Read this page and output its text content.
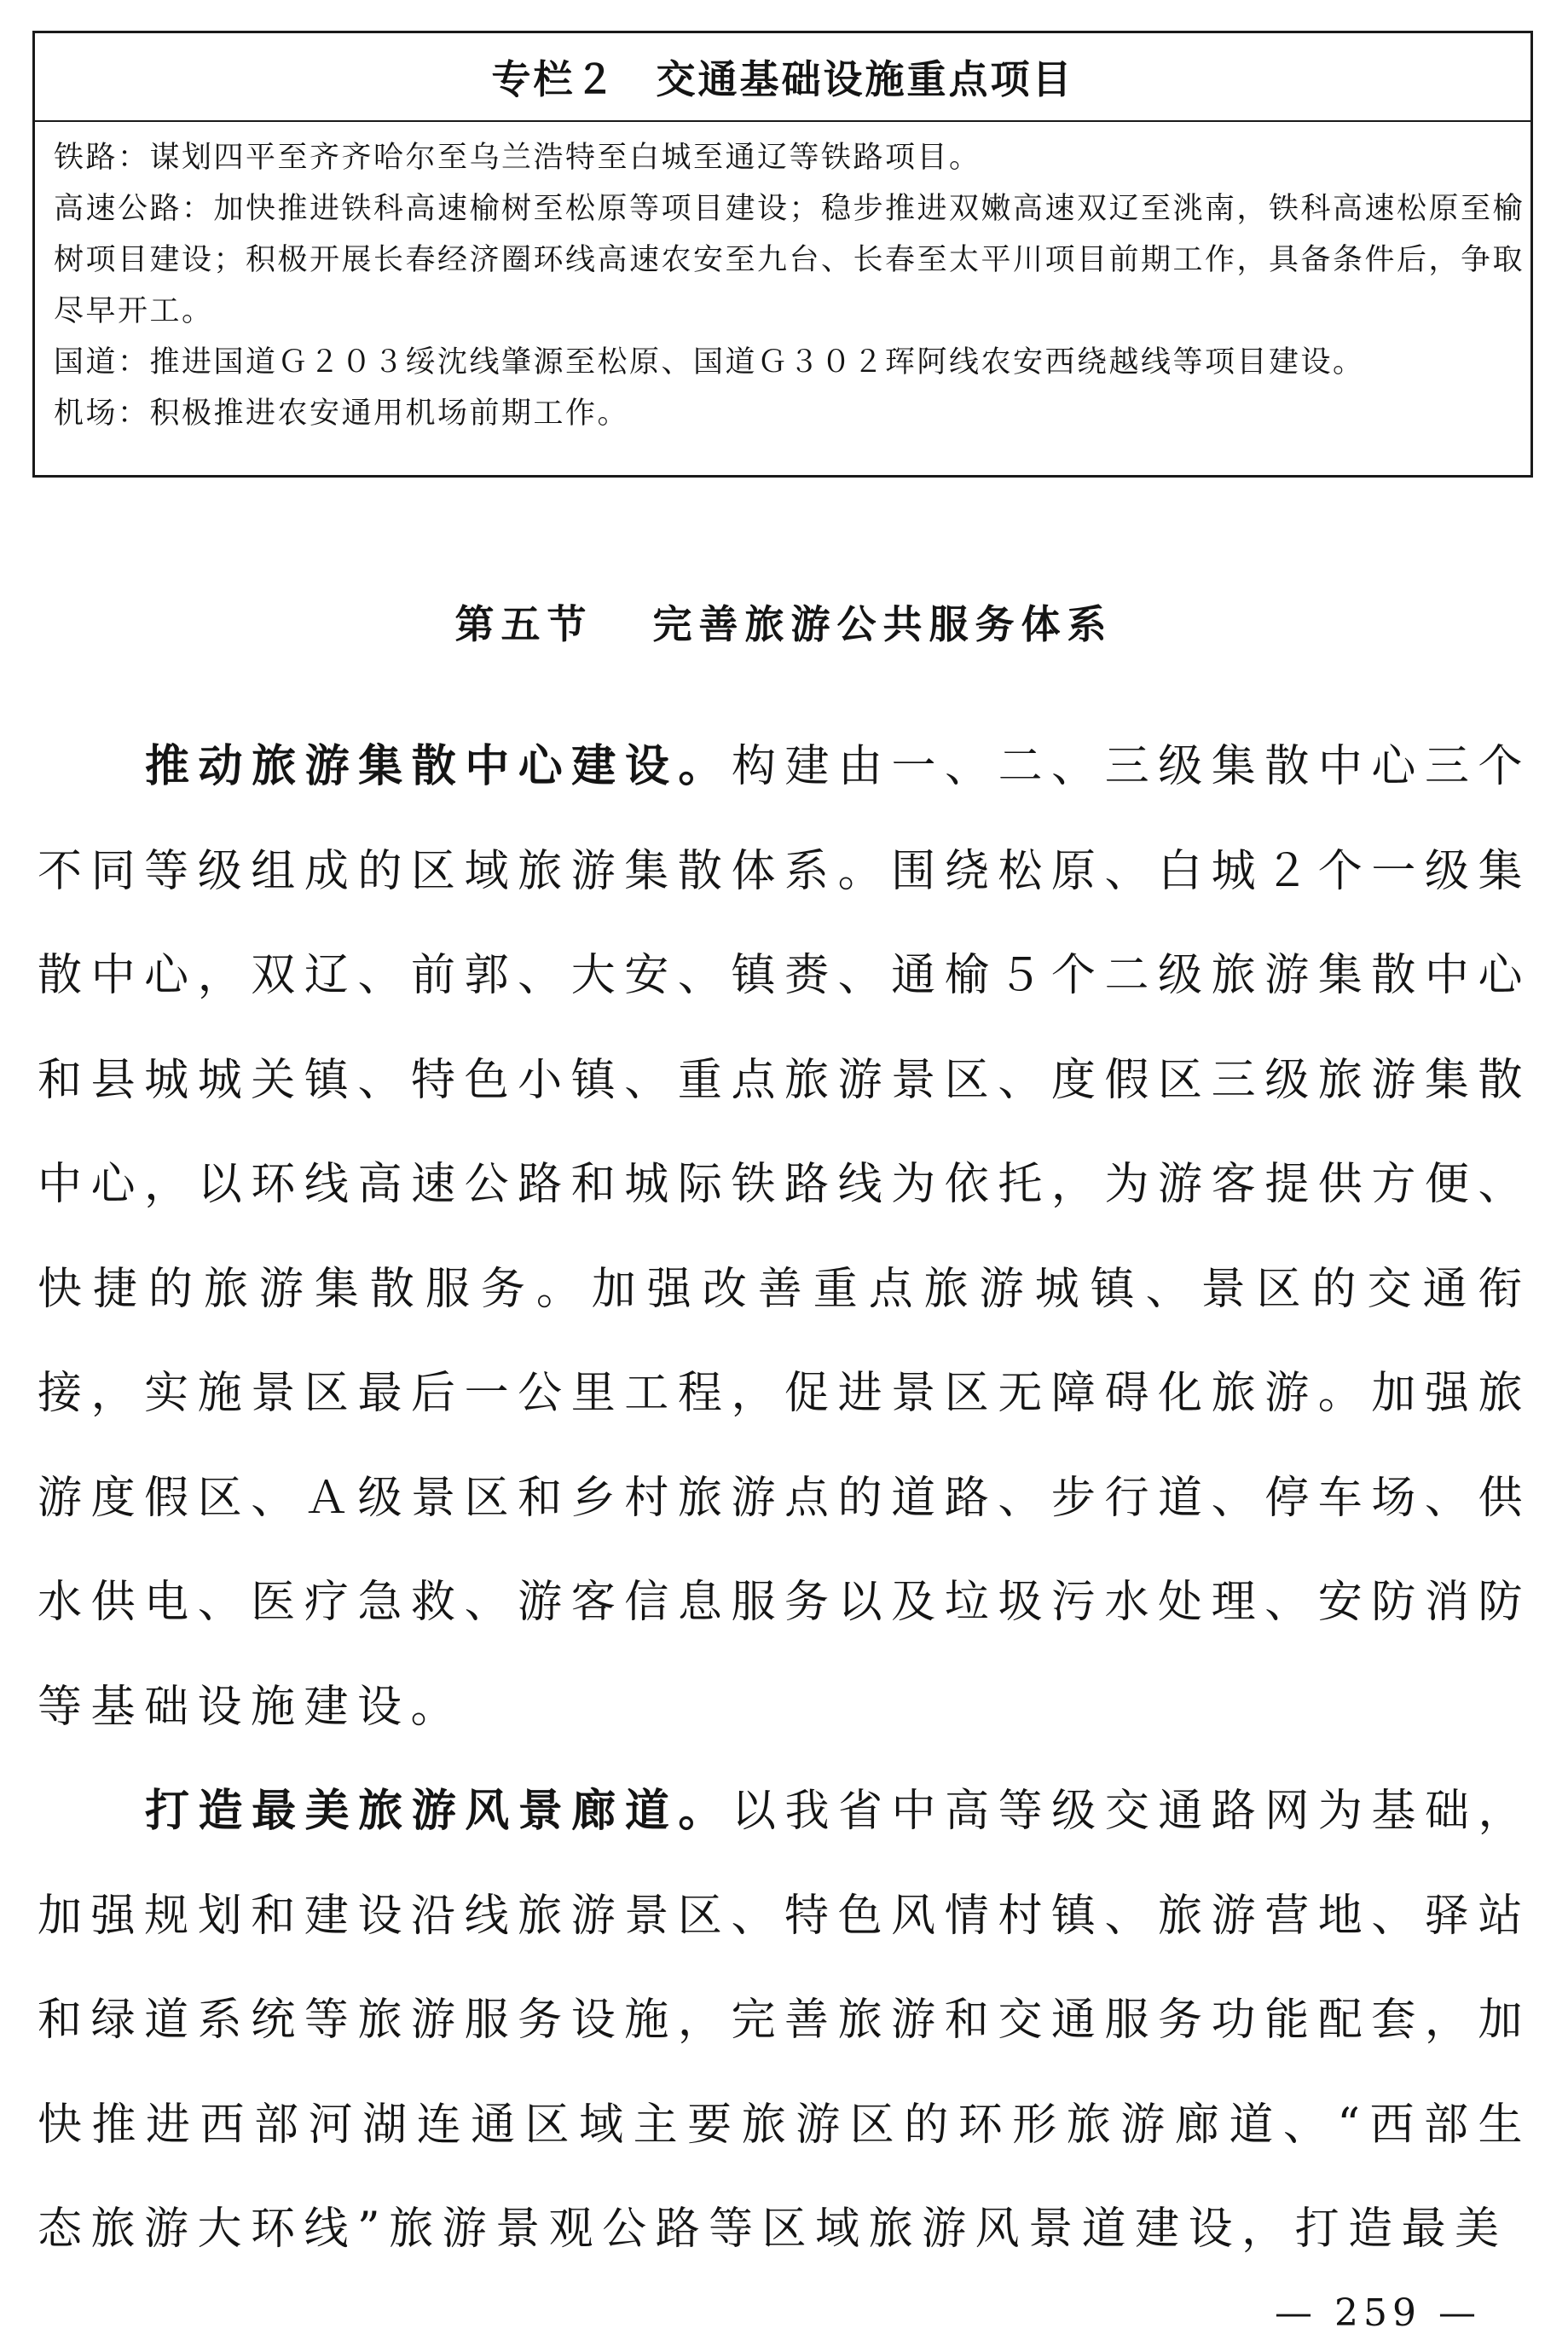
专栏２ 交通基础设施重点项目

铁路：谋划四平至齐齐哈尔至乌兰浩特至白城至通辽等铁路项目。

高速公路：加快推进铁科高速榆树至松原等项目建设；稳步推进双嫩高速双辽至洮南，铁科高速松原至榆树项目建设；积极开展长春经济圈环线高速农安至九台、长春至太平川项目前期工作，具备条件后，争取尽早开工。

国道：推进国道Ｇ２０３绥沈线肇源至松原、国道Ｇ３０２珲阿线农安西绕越线等项目建设。

机场：积极推进农安通用机场前期工作。

第五节 完善旅游公共服务体系

推动旅游集散中心建设。构建由一、二、三级集散中心三个不同等级组成的区域旅游集散体系。围绕松原、白城２个一级集散中心，双辽、前郭、大安、镇赉、通榆５个二级旅游集散中心和县城城关镇、特色小镇、重点旅游景区、度假区三级旅游集散中心，以环线高速公路和城际铁路线为依托，为游客提供方便、快捷的旅游集散服务。加强改善重点旅游城镇、景区的交通衔接，实施景区最后一公里工程，促进景区无障碍化旅游。加强旅游度假区、Ａ级景区和乡村旅游点的道路、步行道、停车场、供水供电、医疗急救、游客信息服务以及垃圾污水处理、安防消防等基础设施建设。

打造最美旅游风景廊道。以我省中高等级交通路网为基础，加强规划和建设沿线旅游景区、特色风情村镇、旅游营地、驿站和绿道系统等旅游服务设施，完善旅游和交通服务功能配套，加快推进西部河湖连通区域主要旅游区的环形旅游廊道、“西部生态旅游大环线”旅游景观公路等区域旅游风景道建设，打造最美

— 259 —
